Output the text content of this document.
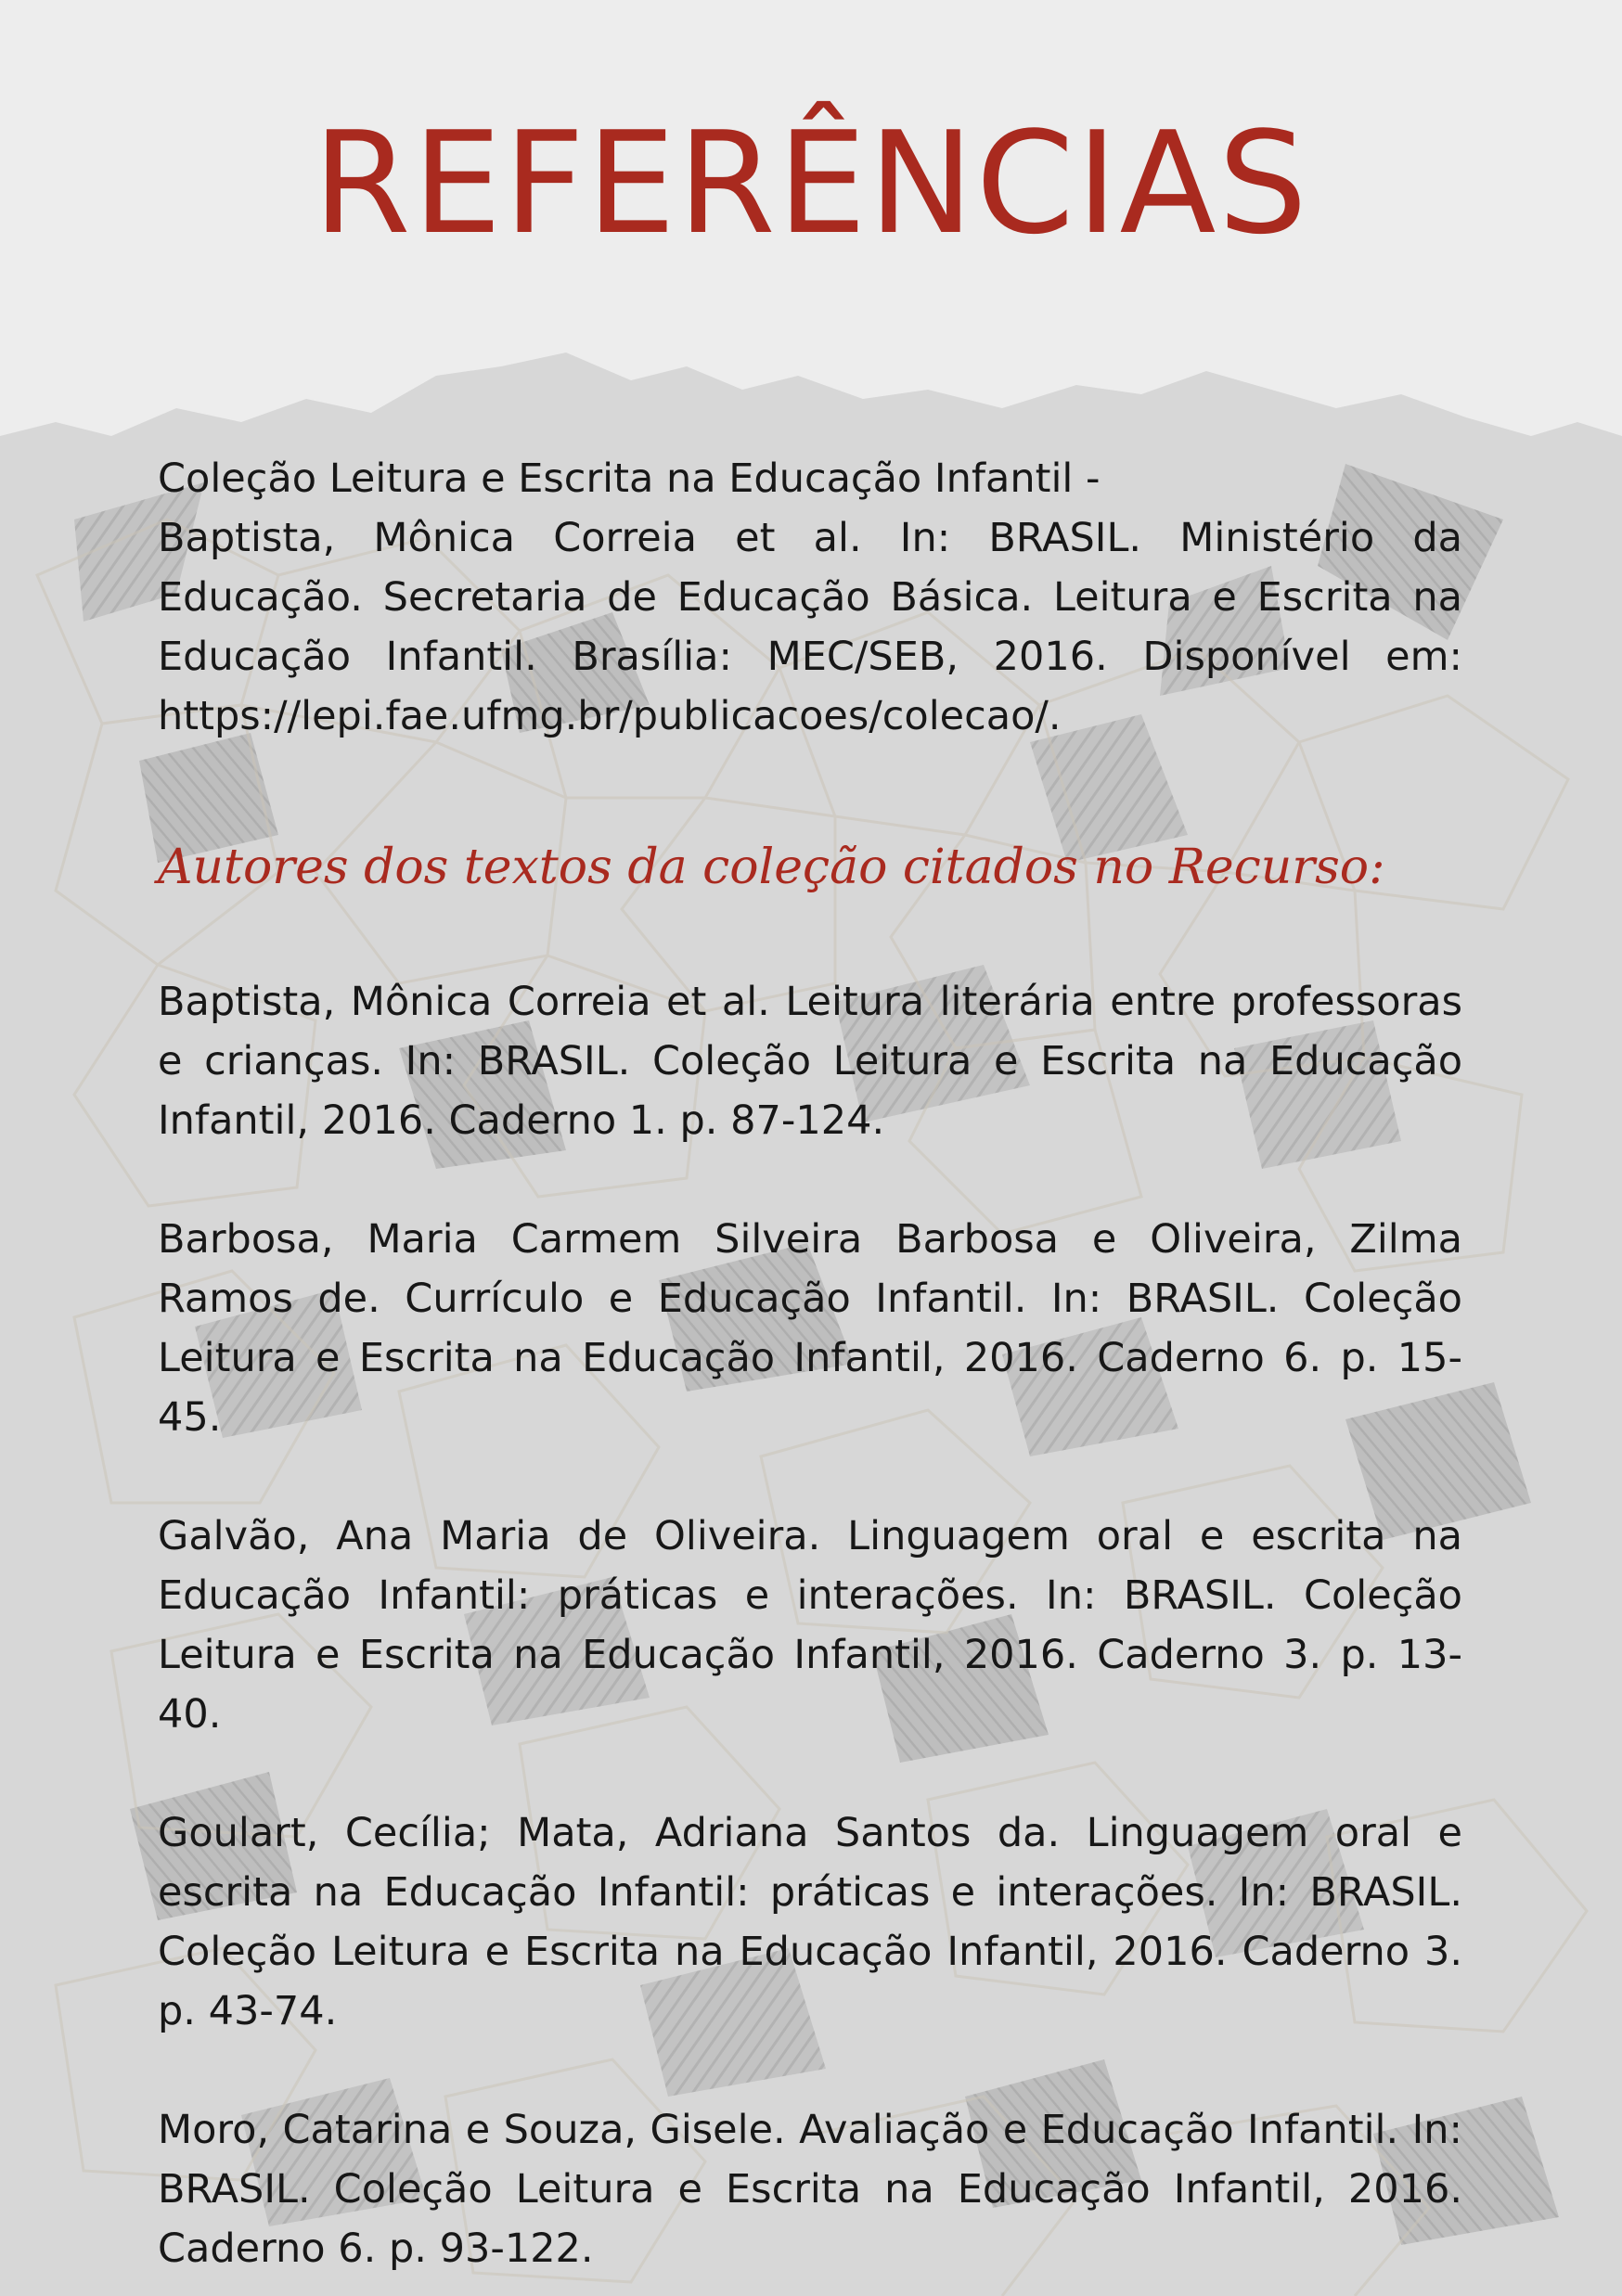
REFERÊNCIAS

Coleção Leitura e Escrita na Educação Infantil -
Baptista, Mônica Correia et al. In: BRASIL. Ministério da Educação. Secretaria de Educação Básica. Leitura e Escrita na Educação Infantil. Brasília: MEC/SEB, 2016. Disponível em: https://lepi.fae.ufmg.br/publicacoes/colecao/.

Autores dos textos da coleção citados no Recurso:

Baptista, Mônica Correia et al. Leitura literária entre professoras e crianças. In: BRASIL. Coleção Leitura e Escrita na Educação Infantil, 2016. Caderno 1. p. 87-124.

Barbosa, Maria Carmem Silveira Barbosa e Oliveira, Zilma Ramos de. Currículo e Educação Infantil. In: BRASIL. Coleção Leitura e Escrita na Educação Infantil, 2016. Caderno 6. p. 15-45.

Galvão, Ana Maria de Oliveira. Linguagem oral e escrita na Educação Infantil: práticas e interações. In: BRASIL. Coleção Leitura e Escrita na Educação Infantil, 2016. Caderno 3. p. 13-40.

Goulart, Cecília; Mata, Adriana Santos da. Linguagem oral e escrita na Educação Infantil: práticas e interações. In: BRASIL. Coleção Leitura e Escrita na Educação Infantil, 2016. Caderno 3. p. 43-74.

Moro, Catarina e Souza, Gisele. Avaliação e Educação Infantil. In: BRASIL. Coleção Leitura e Escrita na Educação Infantil, 2016. Caderno 6. p. 93-122.
